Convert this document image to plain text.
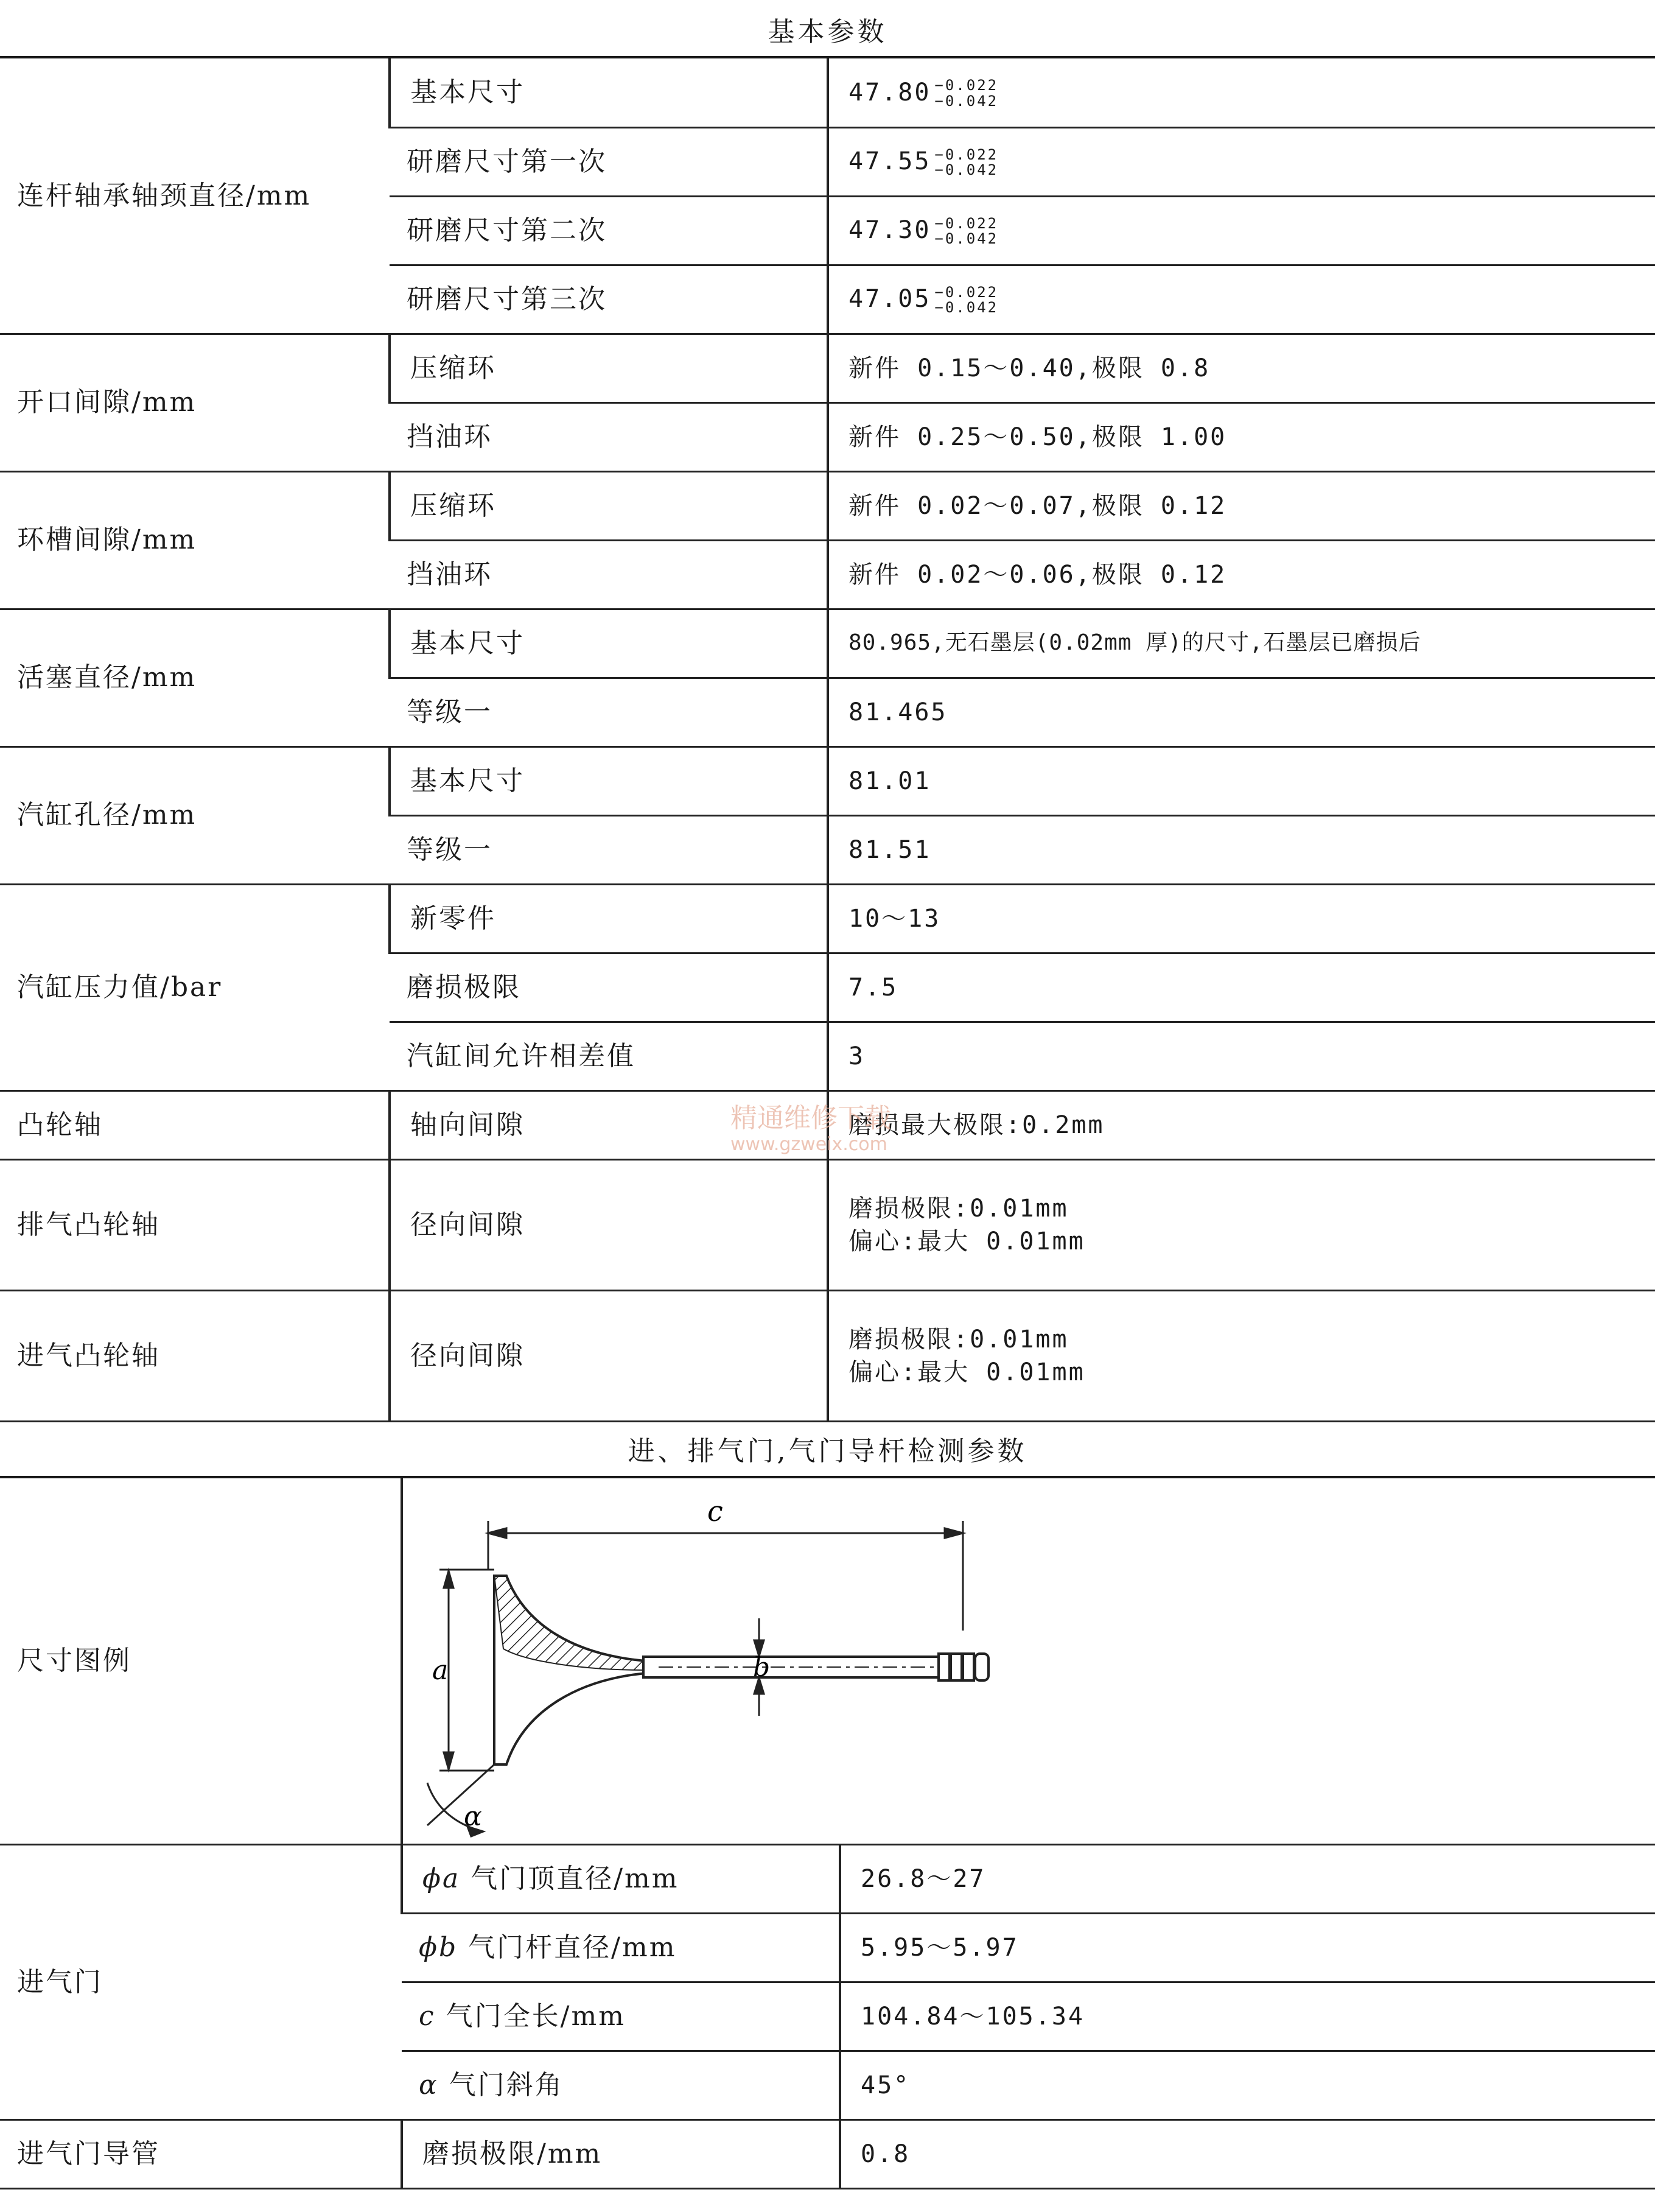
基本参数
连杆轴承轴颈直径/mm	基本尺寸	47.80 −0.022
−0.042

	研磨尺寸第一次	47.55 −0.022
−0.042

	研磨尺寸第二次	47.30 −0.022
−0.042

	研磨尺寸第三次	47.05 −0.022
−0.042

开口间隙/mm	压缩环	新件 0.15～0.40,极限 0.8
	挡油环	新件 0.25～0.50,极限 1.00
环槽间隙/mm	压缩环	新件 0.02～0.07,极限 0.12
	挡油环	新件 0.02～0.06,极限 0.12
活塞直径/mm	基本尺寸	80.965,无石墨层(0.02mm 厚)的尺寸,石墨层已磨损后
	等级一	81.465
汽缸孔径/mm	基本尺寸	81.01
	等级一	81.51
汽缸压力值/bar	新零件	10～13
	磨损极限	7.5
	汽缸间允许相差值	3
凸轮轴	轴向间隙	磨损最大极限:0.2mm
排气凸轮轴	径向间隙	磨损极限:0.01mm
偏心:最大 0.01mm

进气凸轮轴	径向间隙	磨损极限:0.01mm
偏心:最大 0.01mm
进、排气门,气门导杆检测参数
尺寸图例	c
b
a
α	

进气门	ϕa 气门顶直径/mm	26.8～27
	ϕb 气门杆直径/mm	5.95～5.97
	c 气门全长/mm	104.84～105.34
	α 气门斜角	45°
进气门导管	磨损极限/mm	0.8
精通维修下载
www.gzweix.com
